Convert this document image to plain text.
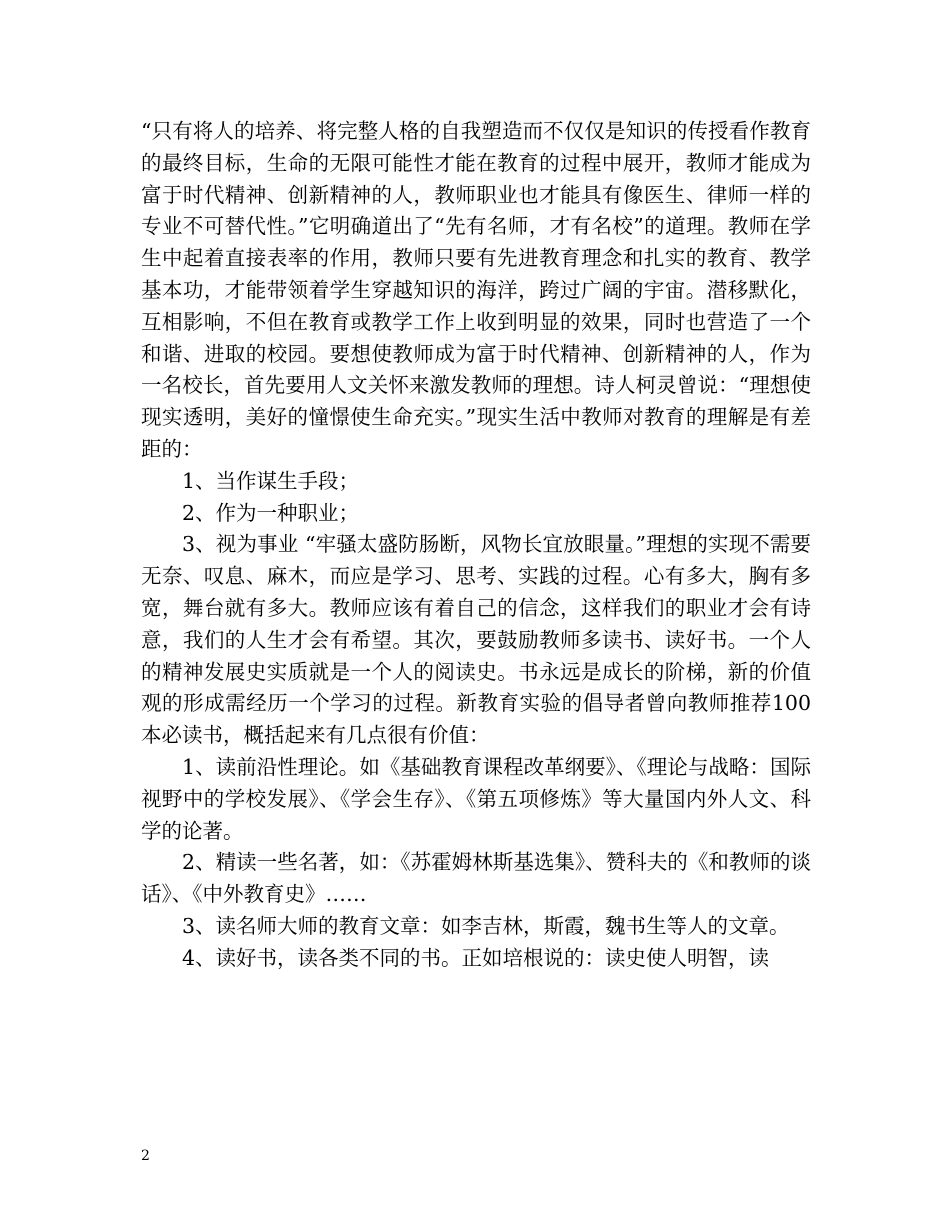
“只有将人的培养、将完整人格的自我塑造而不仅仅是知识的传授看作教育的最终目标，生命的无限可能性才能在教育的过程中展开，教师才能成为富于时代精神、创新精神的人，教师职业也才能具有像医生、律师一样的专业不可替代性。”它明确道出了“先有名师，才有名校”的道理。教师在学生中起着直接表率的作用，教师只要有先进教育理念和扎实的教育、教学基本功，才能带领着学生穿越知识的海洋，跨过广阔的宇宙。潜移默化，互相影响，不但在教育或教学工作上收到明显的效果，同时也营造了一个和谐、进取的校园。要想使教师成为富于时代精神、创新精神的人，作为一名校长，首先要用人文关怀来激发教师的理想。诗人柯灵曾说：“理想使现实透明，美好的憧憬使生命充实。”现实生活中教师对教育的理解是有差距的：

1、当作谋生手段；

2、作为一种职业；

3、视为事业 “牢骚太盛防肠断，风物长宜放眼量。”理想的实现不需要无奈、叹息、麻木，而应是学习、思考、实践的过程。心有多大，胸有多宽，舞台就有多大。教师应该有着自己的信念，这样我们的职业才会有诗意，我们的人生才会有希望。其次，要鼓励教师多读书、读好书。一个人的精神发展史实质就是一个人的阅读史。书永远是成长的阶梯，新的价值观的形成需经历一个学习的过程。新教育实验的倡导者曾向教师推荐100本必读书，概括起来有几点很有价值：

1、读前沿性理论。如《基础教育课程改革纲要》、《理论与战略：国际视野中的学校发展》、《学会生存》、《第五项修炼》等大量国内外人文、科学的论著。

2、精读一些名著，如：《苏霍姆林斯基选集》、赞科夫的《和教师的谈话》、《中外教育史》……

3、读名师大师的教育文章：如李吉林，斯霞，魏书生等人的文章。

4、读好书，读各类不同的书。正如培根说的：读史使人明智，读

2
